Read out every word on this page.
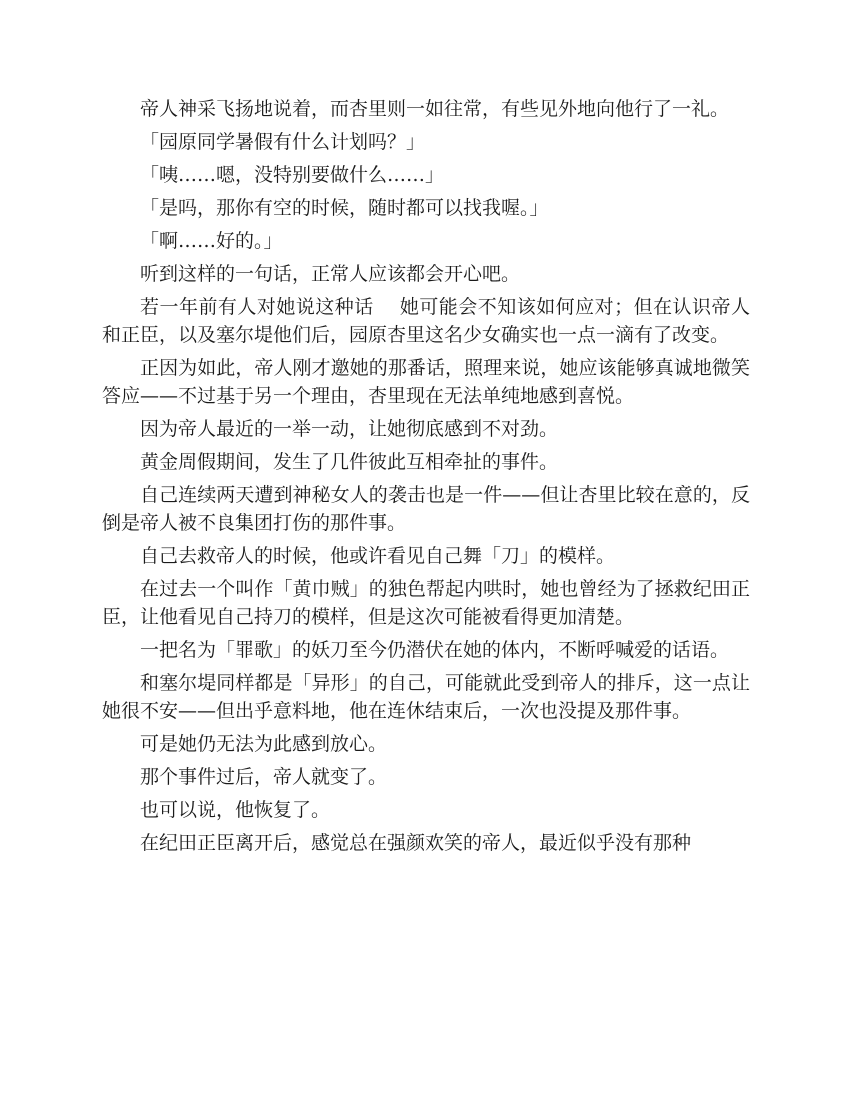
帝人神采飞扬地说着，而杏里则一如往常，有些见外地向他行了一礼。

「园原同学暑假有什么计划吗？」

「咦……嗯，没特别要做什么……」

「是吗，那你有空的时候，随时都可以找我喔。」

「啊……好的。」

听到这样的一句话，正常人应该都会开心吧。

若一年前有人对她说这种话    她可能会不知该如何应对；但在认识帝人和正臣，以及塞尔堤他们后，园原杏里这名少女确实也一点一滴有了改变。

正因为如此，帝人刚才邀她的那番话，照理来说，她应该能够真诚地微笑答应——不过基于另一个理由，杏里现在无法单纯地感到喜悦。

因为帝人最近的一举一动，让她彻底感到不对劲。

黄金周假期间，发生了几件彼此互相牵扯的事件。

自己连续两天遭到神秘女人的袭击也是一件——但让杏里比较在意的，反倒是帝人被不良集团打伤的那件事。

自己去救帝人的时候，他或许看见自己舞「刀」的模样。

在过去一个叫作「黄巾贼」的独色帮起内哄时，她也曾经为了拯救纪田正臣，让他看见自己持刀的模样，但是这次可能被看得更加清楚。

一把名为「罪歌」的妖刀至今仍潜伏在她的体内，不断呼喊爱的话语。

和塞尔堤同样都是「异形」的自己，可能就此受到帝人的排斥，这一点让她很不安——但出乎意料地，他在连休结束后，一次也没提及那件事。

可是她仍无法为此感到放心。

那个事件过后，帝人就变了。

也可以说，他恢复了。

在纪田正臣离开后，感觉总在强颜欢笑的帝人，最近似乎没有那种
